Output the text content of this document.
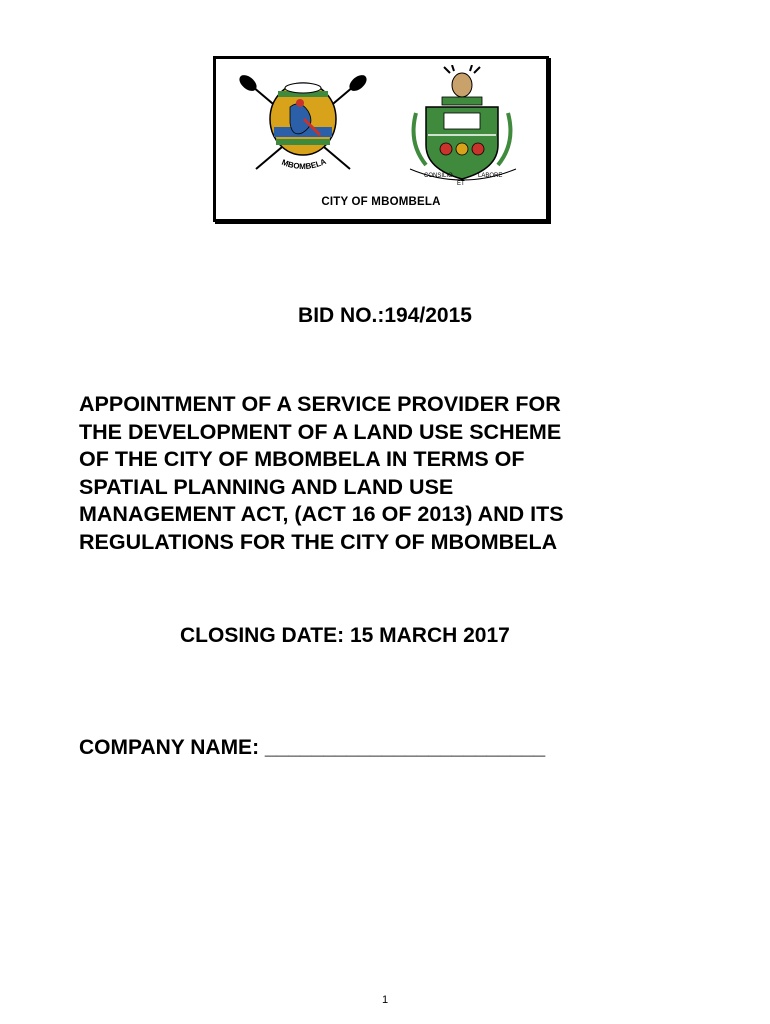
MBOMBELA
CONSILIO
ET
LABORE
CITY OF MBOMBELA
BID NO.:194/2015
APPOINTMENT OF A SERVICE PROVIDER FOR
THE DEVELOPMENT OF A LAND USE SCHEME
OF THE CITY OF MBOMBELA IN TERMS OF
SPATIAL PLANNING AND LAND USE
MANAGEMENT ACT, (ACT 16 OF 2013) AND ITS
REGULATIONS FOR THE CITY OF MBOMBELA
CLOSING DATE: 15 MARCH 2017
COMPANY NAME: ________________________
1
